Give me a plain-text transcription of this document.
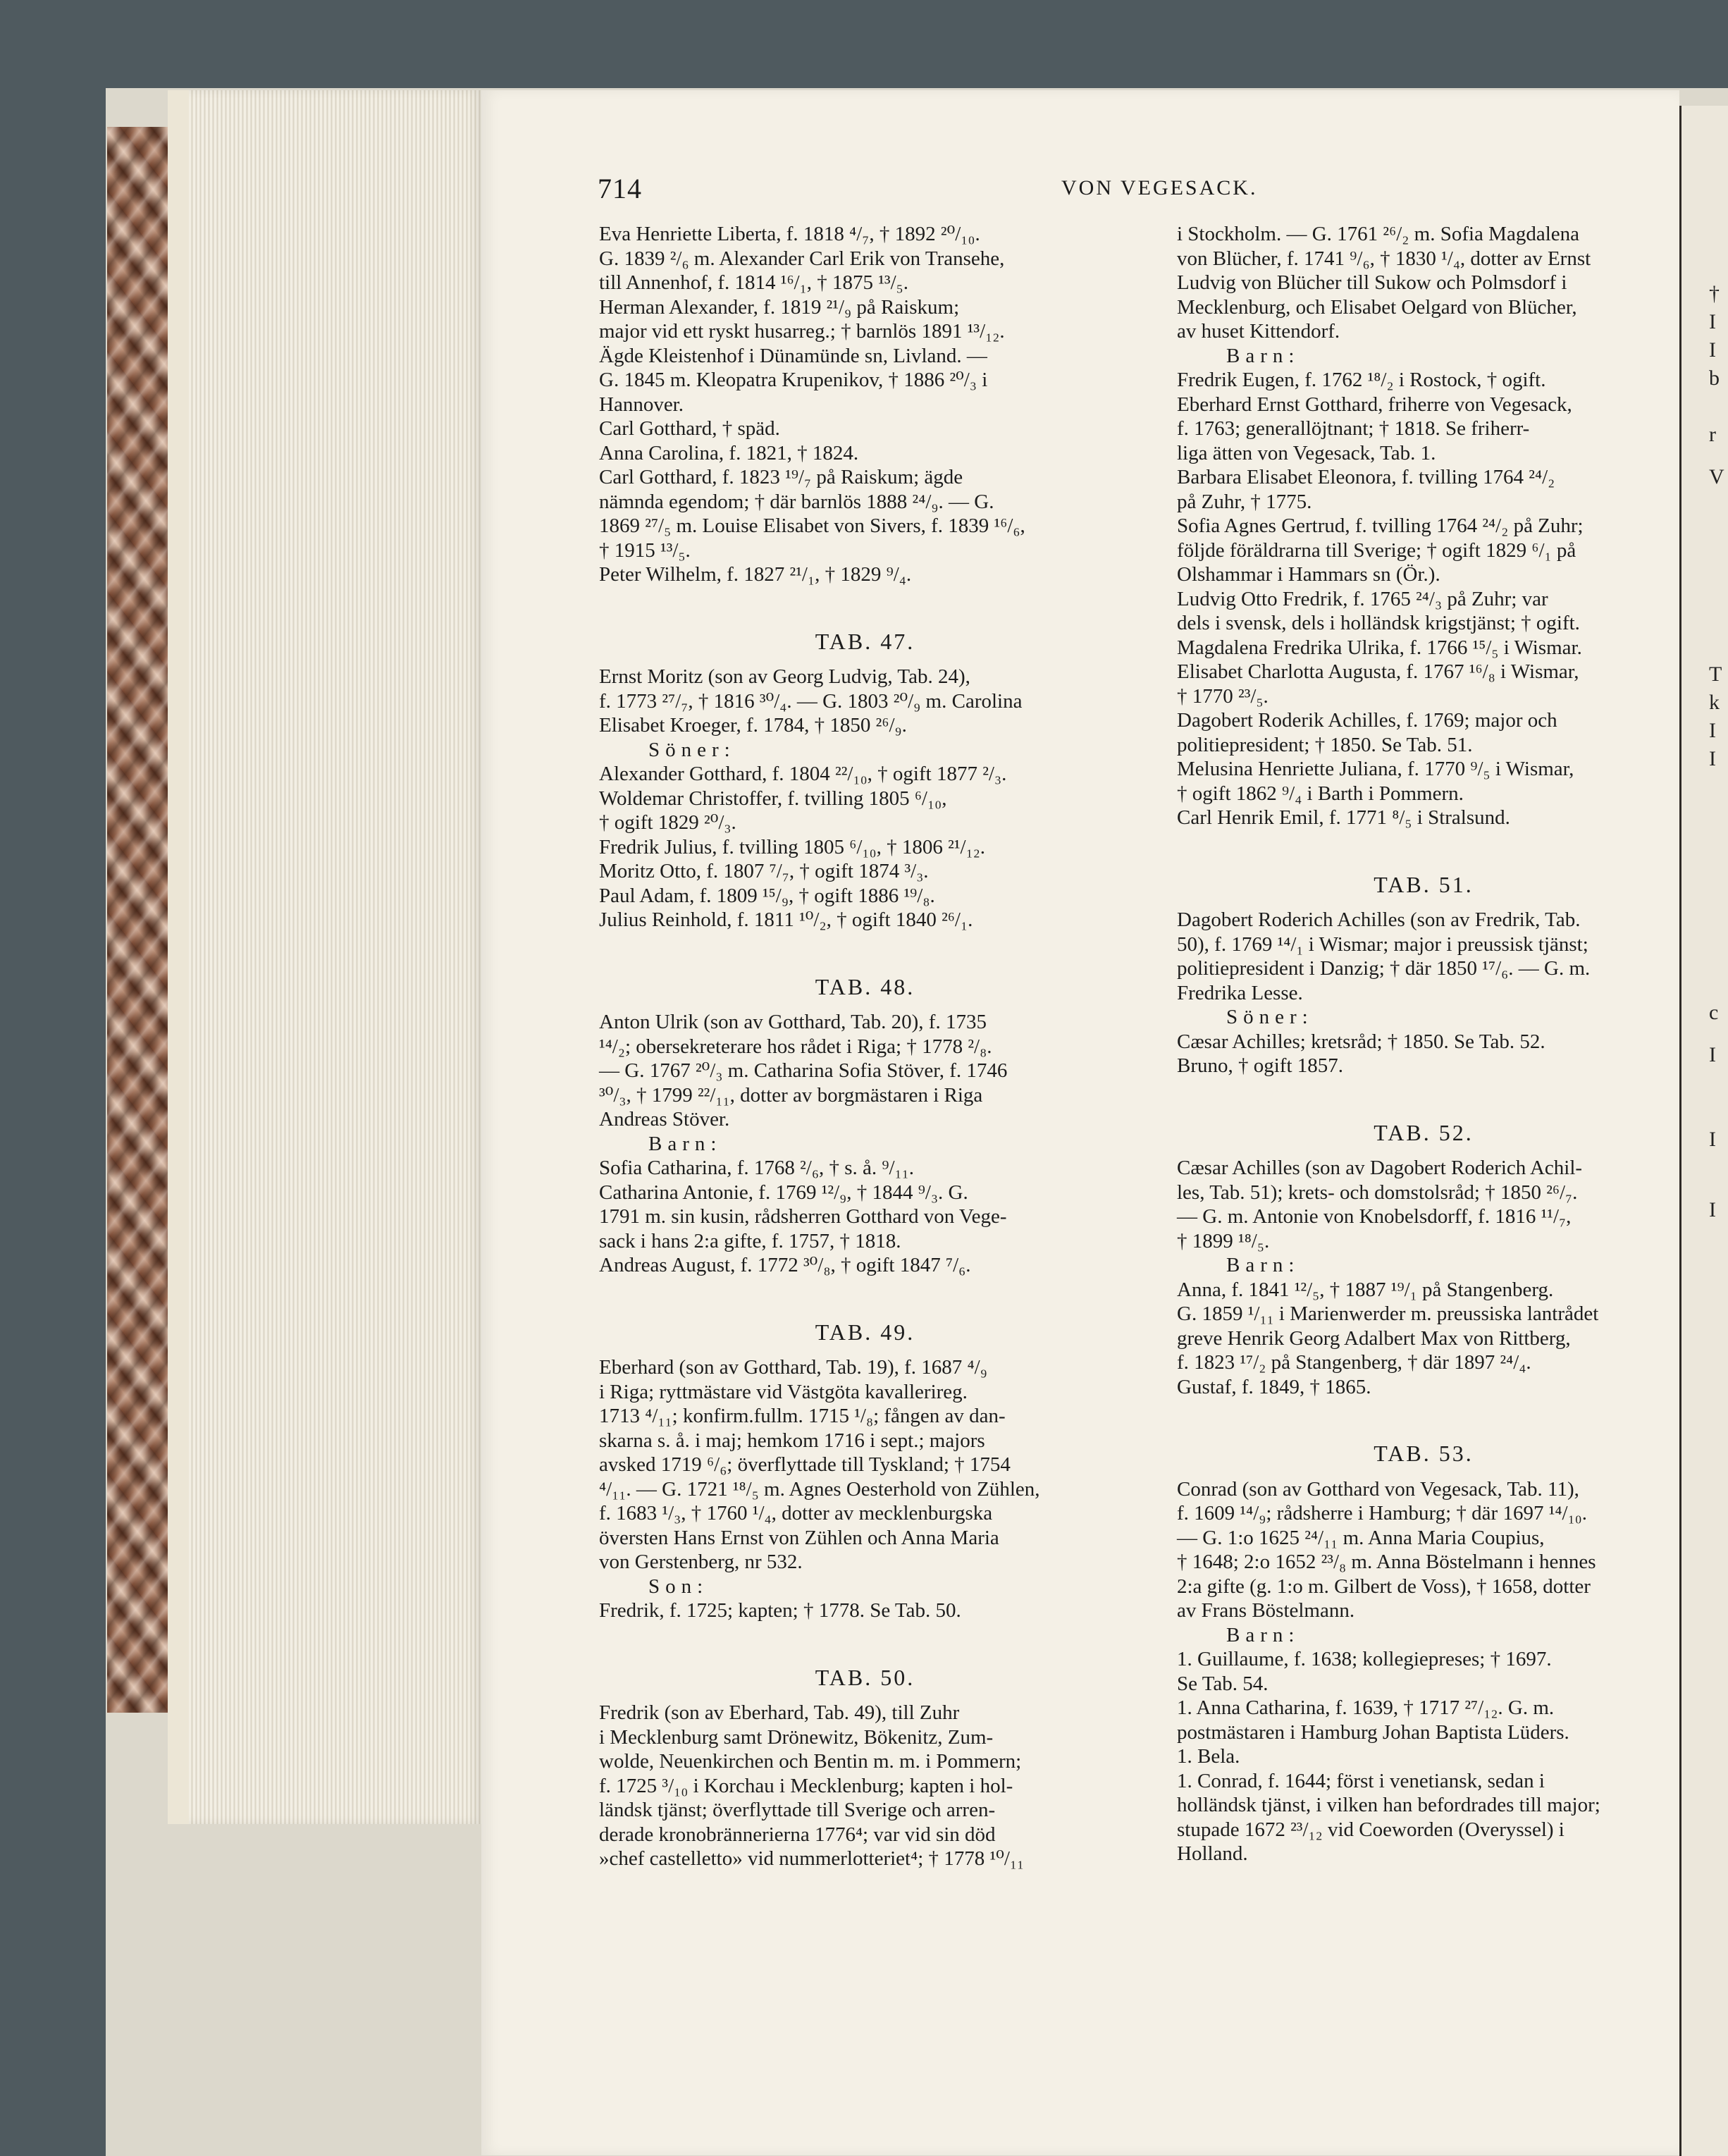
714	VON VEGESACK.
Eva Henriette Liberta, f. 1818 ⁴/₇, † 1892 ²⁰/₁₀.
G. 1839 ²/₆ m. Alexander Carl Erik von Transehe,
till Annenhof, f. 1814 ¹⁶/₁, † 1875 ¹³/₅.
Herman Alexander, f. 1819 ²¹/₉ på Raiskum;
major vid ett ryskt husarreg.; † barnlös 1891 ¹³/₁₂.
Ägde Kleistenhof i Dünamünde sn, Livland. —
G. 1845 m. Kleopatra Krupenikov, † 1886 ²⁰/₃ i
Hannover.
Carl Gotthard, † späd.
Anna Carolina, f. 1821, † 1824.
Carl Gotthard, f. 1823 ¹⁹/₇ på Raiskum; ägde
nämnda egendom; † där barnlös 1888 ²⁴/₉. — G.
1869 ²⁷/₅ m. Louise Elisabet von Sivers, f. 1839 ¹⁶/₆,
† 1915 ¹³/₅.
Peter Wilhelm, f. 1827 ²¹/₁, † 1829 ⁹/₄.
TAB. 47.
Ernst Moritz (son av Georg Ludvig, Tab. 24),
f. 1773 ²⁷/₇, † 1816 ³⁰/₄. — G. 1803 ²⁰/₉ m. Carolina
Elisabet Kroeger, f. 1784, † 1850 ²⁶/₉.
Söner:
Alexander Gotthard, f. 1804 ²²/₁₀, † ogift 1877 ²/₃.
Woldemar Christoffer, f. tvilling 1805 ⁶/₁₀,
† ogift 1829 ²⁰/₃.
Fredrik Julius, f. tvilling 1805 ⁶/₁₀, † 1806 ²¹/₁₂.
Moritz Otto, f. 1807 ⁷/₇, † ogift 1874 ³/₃.
Paul Adam, f. 1809 ¹⁵/₉, † ogift 1886 ¹⁹/₈.
Julius Reinhold, f. 1811 ¹⁰/₂, † ogift 1840 ²⁶/₁.
TAB. 48.
Anton Ulrik (son av Gotthard, Tab. 20), f. 1735
¹⁴/₂; obersekreterare hos rådet i Riga; † 1778 ²/₈.
— G. 1767 ²⁰/₃ m. Catharina Sofia Stöver, f. 1746
³⁰/₃, † 1799 ²²/₁₁, dotter av borgmästaren i Riga
Andreas Stöver.
Barn:
Sofia Catharina, f. 1768 ²/₆, † s. å. ⁹/₁₁.
Catharina Antonie, f. 1769 ¹²/₉, † 1844 ⁹/₃. G.
1791 m. sin kusin, rådsherren Gotthard von Vege-
sack i hans 2:a gifte, f. 1757, † 1818.
Andreas August, f. 1772 ³⁰/₈, † ogift 1847 ⁷/₆.
TAB. 49.
Eberhard (son av Gotthard, Tab. 19), f. 1687 ⁴/₉
i Riga; ryttmästare vid Västgöta kavallerireg.
1713 ⁴/₁₁; konfirm.fullm. 1715 ¹/₈; fången av dan-
skarna s. å. i maj; hemkom 1716 i sept.; majors
avsked 1719 ⁶/₆; överflyttade till Tyskland; † 1754
⁴/₁₁. — G. 1721 ¹⁸/₅ m. Agnes Oesterhold von Zühlen,
f. 1683 ¹/₃, † 1760 ¹/₄, dotter av mecklenburgska
översten Hans Ernst von Zühlen och Anna Maria
von Gerstenberg, nr 532.
Son:
Fredrik, f. 1725; kapten; † 1778. Se Tab. 50.
TAB. 50.
Fredrik (son av Eberhard, Tab. 49), till Zuhr
i Mecklenburg samt Drönewitz, Bökenitz, Zum-
wolde, Neuenkirchen och Bentin m. m. i Pommern;
f. 1725 ³/₁₀ i Korchau i Mecklenburg; kapten i hol-
ländsk tjänst; överflyttade till Sverige och arren-
derade kronobrännerierna 1776⁴; var vid sin död
»chef castelletto» vid nummerlotteriet⁴; † 1778 ¹⁰/₁₁
i Stockholm. — G. 1761 ²⁶/₂ m. Sofia Magdalena
von Blücher, f. 1741 ⁹/₆, † 1830 ¹/₄, dotter av Ernst
Ludvig von Blücher till Sukow och Polmsdorf i
Mecklenburg, och Elisabet Oelgard von Blücher,
av huset Kittendorf.
Barn:
Fredrik Eugen, f. 1762 ¹⁸/₂ i Rostock, † ogift.
Eberhard Ernst Gotthard, friherre von Vegesack,
f. 1763; generallöjtnant; † 1818. Se friherr-
liga ätten von Vegesack, Tab. 1.
Barbara Elisabet Eleonora, f. tvilling 1764 ²⁴/₂
på Zuhr, † 1775.
Sofia Agnes Gertrud, f. tvilling 1764 ²⁴/₂ på Zuhr;
följde föräldrarna till Sverige; † ogift 1829 ⁶/₁ på
Olshammar i Hammars sn (Ör.).
Ludvig Otto Fredrik, f. 1765 ²⁴/₃ på Zuhr; var
dels i svensk, dels i holländsk krigstjänst; † ogift.
Magdalena Fredrika Ulrika, f. 1766 ¹⁵/₅ i Wismar.
Elisabet Charlotta Augusta, f. 1767 ¹⁶/₈ i Wismar,
† 1770 ²³/₅.
Dagobert Roderik Achilles, f. 1769; major och
politiepresident; † 1850. Se Tab. 51.
Melusina Henriette Juliana, f. 1770 ⁹/₅ i Wismar,
† ogift 1862 ⁹/₄ i Barth i Pommern.
Carl Henrik Emil, f. 1771 ⁸/₅ i Stralsund.
TAB. 51.
Dagobert Roderich Achilles (son av Fredrik, Tab.
50), f. 1769 ¹⁴/₁ i Wismar; major i preussisk tjänst;
politiepresident i Danzig; † där 1850 ¹⁷/₆. — G. m.
Fredrika Lesse.
Söner:
Cæsar Achilles; kretsråd; † 1850. Se Tab. 52.
Bruno, † ogift 1857.
TAB. 52.
Cæsar Achilles (son av Dagobert Roderich Achil-
les, Tab. 51); krets- och domstolsråd; † 1850 ²⁶/₇.
— G. m. Antonie von Knobelsdorff, f. 1816 ¹¹/₇,
† 1899 ¹⁸/₅.
Barn:
Anna, f. 1841 ¹²/₅, † 1887 ¹⁹/₁ på Stangenberg.
G. 1859 ¹/₁₁ i Marienwerder m. preussiska lantrådet
greve Henrik Georg Adalbert Max von Rittberg,
f. 1823 ¹⁷/₂ på Stangenberg, † där 1897 ²⁴/₄.
Gustaf, f. 1849, † 1865.
TAB. 53.
Conrad (son av Gotthard von Vegesack, Tab. 11),
f. 1609 ¹⁴/₉; rådsherre i Hamburg; † där 1697 ¹⁴/₁₀.
— G. 1:o 1625 ²⁴/₁₁ m. Anna Maria Coupius,
† 1648; 2:o 1652 ²³/₈ m. Anna Böstelmann i hennes
2:a gifte (g. 1:o m. Gilbert de Voss), † 1658, dotter
av Frans Böstelmann.
Barn:
1. Guillaume, f. 1638; kollegiepreses; † 1697.
Se Tab. 54.
1. Anna Catharina, f. 1639, † 1717 ²⁷/₁₂. G. m.
postmästaren i Hamburg Johan Baptista Lüders.
1. Bela.
1. Conrad, f. 1644; först i venetiansk, sedan i
holländsk tjänst, i vilken han befordrades till major;
stupade 1672 ²³/₁₂ vid Coeworden (Overyssel) i
Holland.
†
I
I
b
r
V
T
k
I
I
c
I
I
I
